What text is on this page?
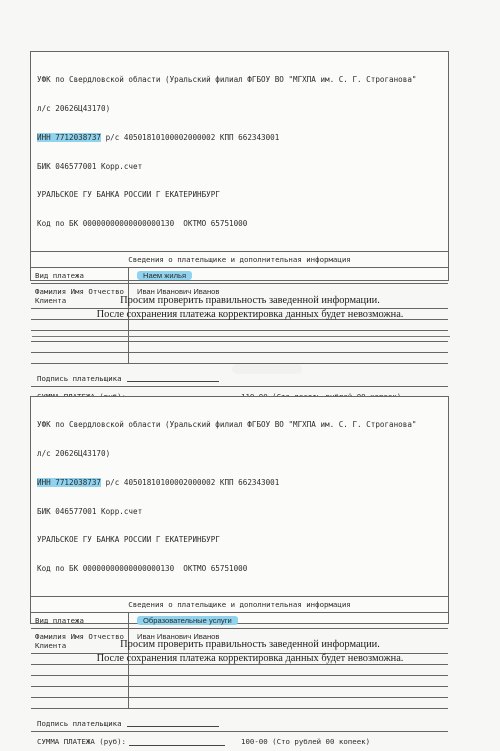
УФК по Свердловской области (Уральский филиал ФГБОУ ВО "МГХПА им. С. Г. Строганова"

л/с 20626Ц43170)

ИНН 7712038737 р/с 40501810100002000002 КПП 662343001

БИК 046577001 Корр.счет

УРАЛЬСКОЕ ГУ БАНКА РОССИИ Г ЕКАТЕРИНБУРГ

Код по БК 00000000000000000130  ОКТМО 65751000

Сведения о плательщике и дополнительная информация
Вид платежа	Наем жилья
Фамилия Имя Отчество Клиента
Иван Иванович Иванов
Подпись плательщика
Просим проверить правильность заведенной информации.
После сохранения платежа корректировка данных будет невозможна.

УФК по Свердловской области (Уральский филиал ФГБОУ ВО "МГХПА им. С. Г. Строганова"

л/с 20626Ц43170)

ИНН 7712038737 р/с 40501810100002000002 КПП 662343001

БИК 046577001 Корр.счет

УРАЛЬСКОЕ ГУ БАНКА РОССИИ Г ЕКАТЕРИНБУРГ

Код по БК 00000000000000000130  ОКТМО 65751000

Сведения о плательщике и дополнительная информация
Вид платежа	Образовательные услуги
Фамилия Имя Отчество Клиента
Иван Иванович Иванов
Подпись плательщика
СУММА ПЛАТЕЖА (руб):	100-00 (Сто рублей 00 копеек)
Просим проверить правильность заведенной информации.
После сохранения платежа корректировка данных будет невозможна.
